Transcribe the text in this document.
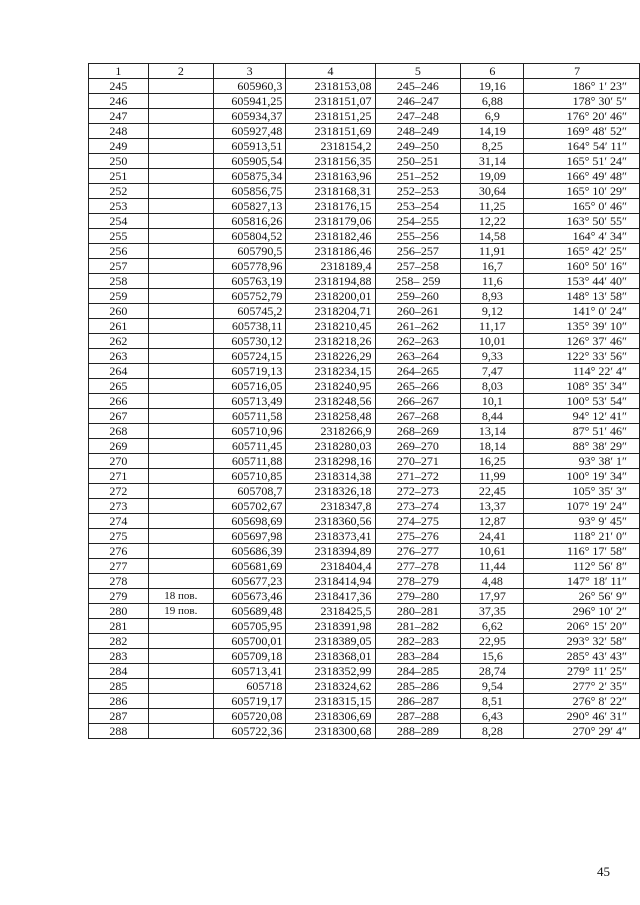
1	2	3	4	5	6	7
245		605960,3	2318153,08	245–246	19,16	186° 1′ 23″
246		605941,25	2318151,07	246–247	6,88	178° 30′ 5″
247		605934,37	2318151,25	247–248	6,9	176° 20′ 46″
248		605927,48	2318151,69	248–249	14,19	169° 48′ 52″
249		605913,51	2318154,2	249–250	8,25	164° 54′ 11″
250		605905,54	2318156,35	250–251	31,14	165° 51′ 24″
251		605875,34	2318163,96	251–252	19,09	166° 49′ 48″
252		605856,75	2318168,31	252–253	30,64	165° 10′ 29″
253		605827,13	2318176,15	253–254	11,25	165° 0′ 46″
254		605816,26	2318179,06	254–255	12,22	163° 50′ 55″
255		605804,52	2318182,46	255–256	14,58	164° 4′ 34″
256		605790,5	2318186,46	256–257	11,91	165° 42′ 25″
257		605778,96	2318189,4	257–258	16,7	160° 50′ 16″
258		605763,19	2318194,88	258– 259	11,6	153° 44′ 40″
259		605752,79	2318200,01	259–260	8,93	148° 13′ 58″
260		605745,2	2318204,71	260–261	9,12	141° 0′ 24″
261		605738,11	2318210,45	261–262	11,17	135° 39′ 10″
262		605730,12	2318218,26	262–263	10,01	126° 37′ 46″
263		605724,15	2318226,29	263–264	9,33	122° 33′ 56″
264		605719,13	2318234,15	264–265	7,47	114° 22′ 4″
265		605716,05	2318240,95	265–266	8,03	108° 35′ 34″
266		605713,49	2318248,56	266–267	10,1	100° 53′ 54″
267		605711,58	2318258,48	267–268	8,44	94° 12′ 41″
268		605710,96	2318266,9	268–269	13,14	87° 51′ 46″
269		605711,45	2318280,03	269–270	18,14	88° 38′ 29″
270		605711,88	2318298,16	270–271	16,25	93° 38′ 1″
271		605710,85	2318314,38	271–272	11,99	100° 19′ 34″
272		605708,7	2318326,18	272–273	22,45	105° 35′ 3″
273		605702,67	2318347,8	273–274	13,37	107° 19′ 24″
274		605698,69	2318360,56	274–275	12,87	93° 9′ 45″
275		605697,98	2318373,41	275–276	24,41	118° 21′ 0″
276		605686,39	2318394,89	276–277	10,61	116° 17′ 58″
277		605681,69	2318404,4	277–278	11,44	112° 56′ 8″
278		605677,23	2318414,94	278–279	4,48	147° 18′ 11″
279	18 пов.	605673,46	2318417,36	279–280	17,97	26° 56′ 9″
280	19 пов.	605689,48	2318425,5	280–281	37,35	296° 10′ 2″
281		605705,95	2318391,98	281–282	6,62	206° 15′ 20″
282		605700,01	2318389,05	282–283	22,95	293° 32′ 58″
283		605709,18	2318368,01	283–284	15,6	285° 43′ 43″
284		605713,41	2318352,99	284–285	28,74	279° 11′ 25″
285		605718	2318324,62	285–286	9,54	277° 2′ 35″
286		605719,17	2318315,15	286–287	8,51	276° 8′ 22″
287		605720,08	2318306,69	287–288	6,43	290° 46′ 31″
288		605722,36	2318300,68	288–289	8,28	270° 29′ 4″
45
